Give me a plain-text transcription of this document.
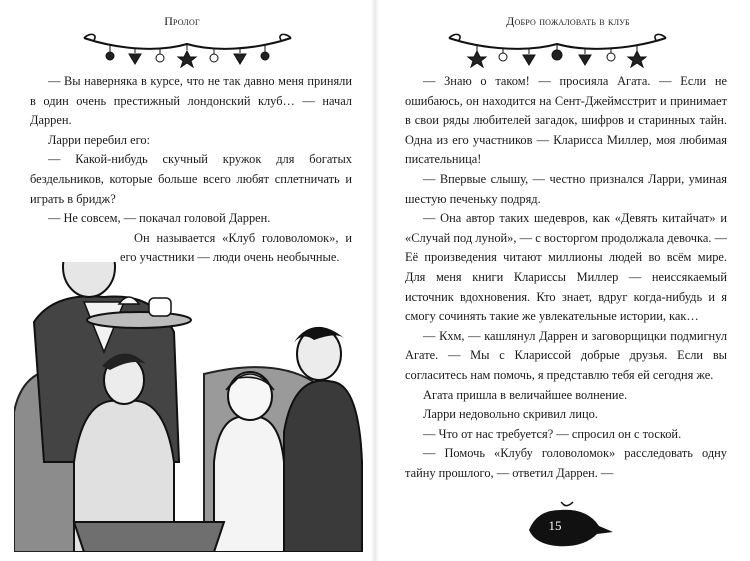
Пролог

— Вы наверняка в курсе, что не так давно меня приняли в один очень престижный лондонский клуб… — начал Даррен.

Ларри перебил его:

— Какой-нибудь скучный кружок для богатых бездельников, которые больше всего любят сплетничать и играть в бридж?

— Не совсем, — покачал головой Даррен.

Он называется «Клуб головоломок», и его участники — люди очень необычные.

Добро пожаловать в клуб

— Знаю о таком! — просияла Агата. — Если не ошибаюсь, он находится на Сент-Джеймсстрит и принимает в свои ряды любителей загадок, шифров и старинных тайн. Одна из его участников — Кларисса Миллер, моя любимая писательница!

— Впервые слышу, — честно признался Ларри, уминая шестую печеньку подряд.

— Она автор таких шедевров, как «Девять китайчат» и «Случай под луной», — с восторгом продолжала девочка. — Её произведения читают миллионы людей во всём мире. Для меня книги Клариссы Миллер — неиссякаемый источник вдохновения. Кто знает, вдруг когда-нибудь и я смогу сочинять такие же увлекательные истории, как…

— Кхм, — кашлянул Даррен и заговорщицки подмигнул Агате. — Мы с Клариссой добрые друзья. Если вы согласитесь нам помочь, я представлю тебя ей сегодня же.

Агата пришла в величайшее волнение.

Ларри недовольно скривил лицо.

— Что от нас требуется? — спросил он с тоской.

— Помочь «Клубу головоломок» расследовать одну тайну прошлого, — ответил Даррен. —

15
